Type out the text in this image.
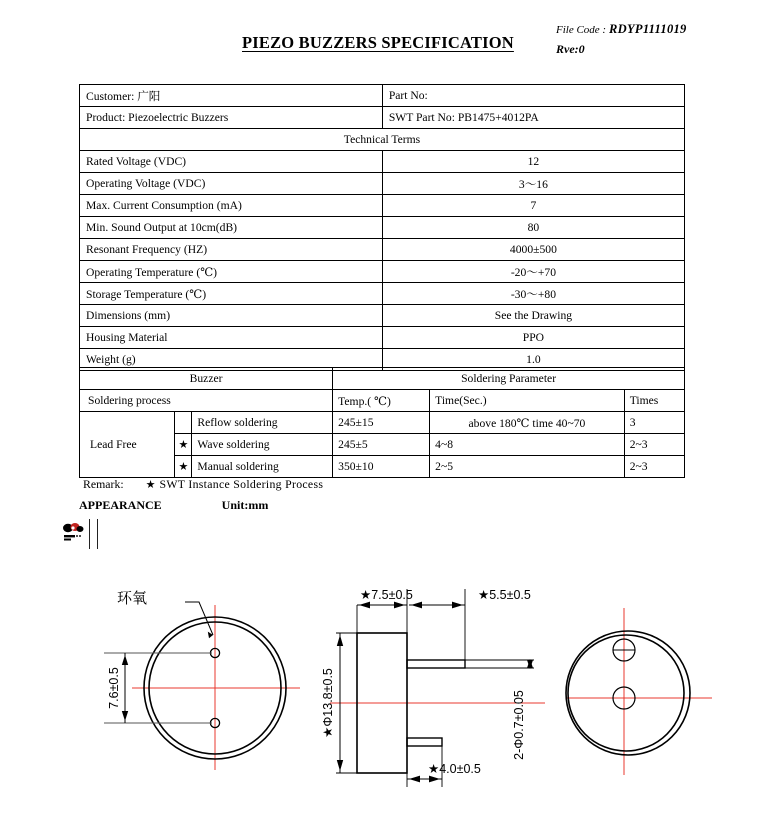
PIEZO BUZZERS SPECIFICATION
File Code : RDYP1111019
Rve:0
Customer: 广阳	Part No:
Product: Piezoelectric Buzzers	SWT Part No: PB1475+4012PA
Technical Terms	
Rated Voltage (VDC)	12
Operating Voltage (VDC)	3～16
Max. Current Consumption (mA)	7
Min. Sound Output at 10cm(dB)	80
Resonant Frequency (HZ)	4000±500
Operating Temperature (℃)	-20～+70
Storage Temperature (℃)	-30～+80
Dimensions (mm)	See the Drawing
Housing Material	PPO
Weight (g)	1.0
Buzzer			Soldering Parameter		
Soldering process			Temp.( ℃)	Time(Sec.)	Times
Lead Free		Reflow soldering	245±15	above 180℃ time 40~70	3
	★	Wave soldering	245±5	4~8	2~3
	★	Manual soldering	350±10	2~5	2~3
Remark: ★ SWT Instance Soldering Process
APPEARANCE	Unit:mm
环氧
7.6±0.5
★7.5±0.5	★5.5±0.5
★Φ13.8±0.5	2-Φ0.7±0.05
★4.0±0.5
